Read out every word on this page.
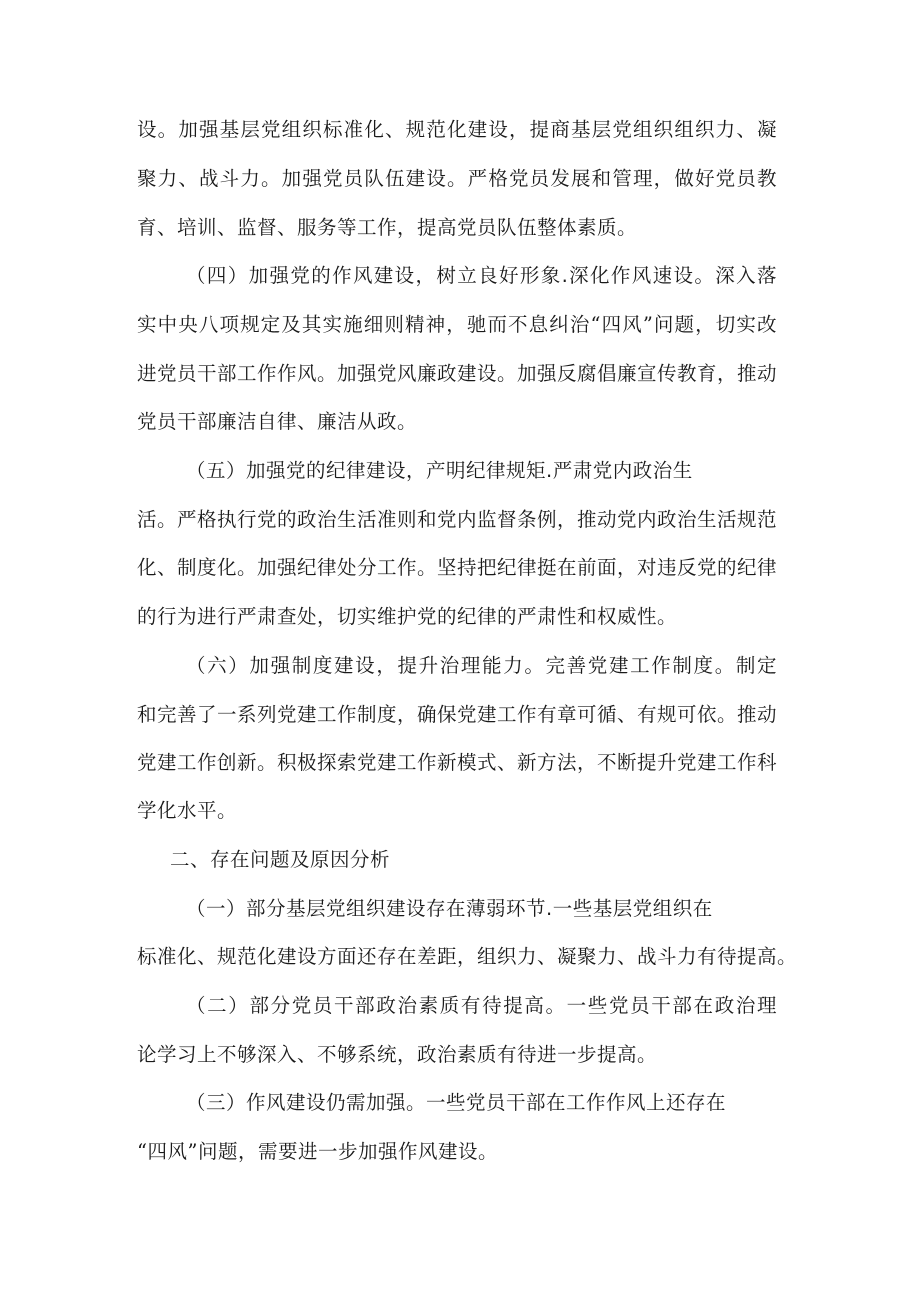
设。加强基层党组织标准化、规范化建设，提商基层党组织组织力、凝
聚力、战斗力。加强党员队伍建设。严格党员发展和管理，做好党员教
育、培训、监督、服务等工作，提高党员队伍整体素质。
（四）加强党的作风建设，树立良好形象.深化作风速设。深入落
实中央八项规定及其实施细则精神，驰而不息纠治“四风”问题，切实改
进党员干部工作作风。加强党风廉政建设。加强反腐倡廉宣传教育，推动
党员干部廉洁自律、廉洁从政。
（五）加强党的纪律建设，产明纪律规矩.严肃党内政治生
活。严格执行党的政治生活准则和党内监督条例，推动党内政治生活规范
化、制度化。加强纪律处分工作。坚持把纪律挺在前面，对违反党的纪律
的行为进行严肃查处，切实维护党的纪律的严肃性和权威性。
（六）加强制度建设，提升治理能力。完善党建工作制度。制定
和完善了一系列党建工作制度，确保党建工作有章可循、有规可依。推动
党建工作创新。积极探索党建工作新模式、新方法，不断提升党建工作科
学化水平。
二、存在问题及原因分析
（一）部分基层党组织建设存在薄弱环节.一些基层党组织在
标准化、规范化建设方面还存在差距，组织力、凝聚力、战斗力有待提高。
（二）部分党员干部政治素质有待提高。一些党员干部在政治理
论学习上不够深入、不够系统，政治素质有待进一步提高。
（三）作风建设仍需加强。一些党员干部在工作作风上还存在
“四风”问题，需要进一步加强作风建设。
